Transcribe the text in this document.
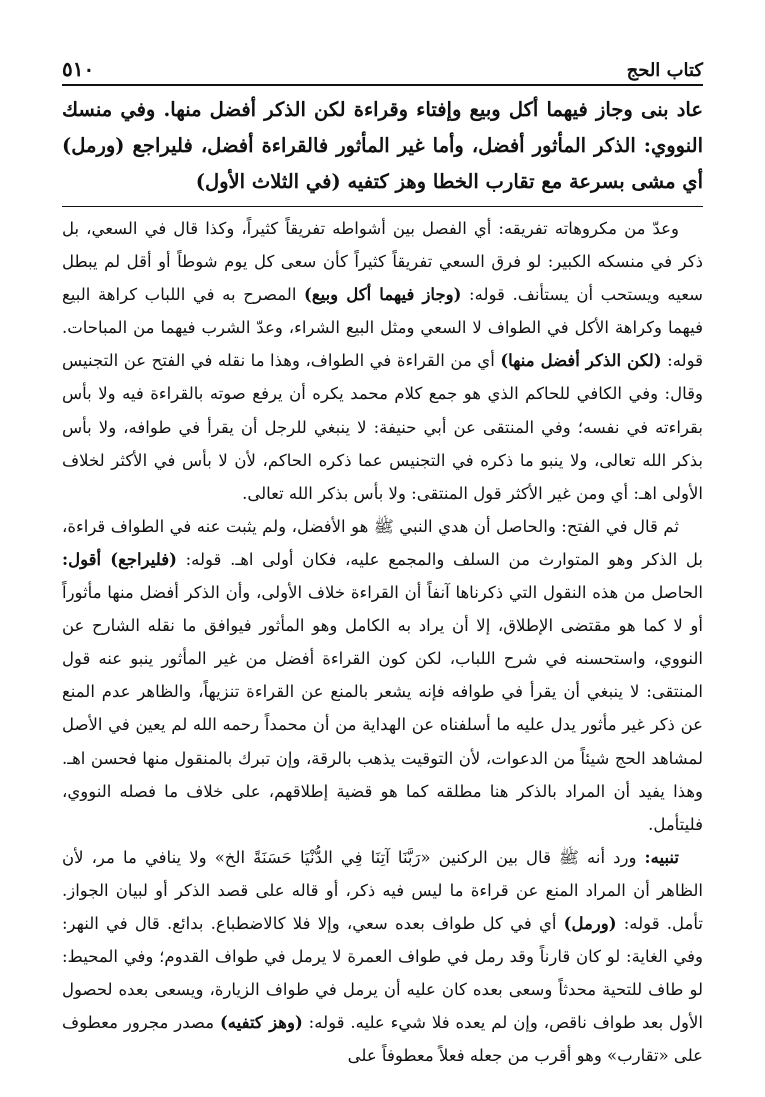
٥١٠	كتاب الحج

عاد بنى وجاز فيهما أكل وبيع وإفتاء وقراءة لكن الذكر أفضل منها. وفي منسك النووي: الذكر المأثور أفضل، وأما غير المأثور فالقراءة أفضل، فليراجع (ورمل) أي مشى بسرعة مع تقارب الخطا وهز كتفيه (في الثلاث الأول)

وعدّ من مكروهاته تفريقه: أي الفصل بين أشواطه تفريقاً كثيراً، وكذا قال في السعي، بل ذكر في منسكه الكبير: لو فرق السعي تفريقاً كثيراً كأن سعى كل يوم شوطاً أو أقل لم يبطل سعيه ويستحب أن يستأنف. قوله: (وجاز فيهما أكل وبيع) المصرح به في اللباب كراهة البيع فيهما وكراهة الأكل في الطواف لا السعي ومثل البيع الشراء، وعدّ الشرب فيهما من المباحات. قوله: (لكن الذكر أفضل منها) أي من القراءة في الطواف، وهذا ما نقله في الفتح عن التجنيس وقال: وفي الكافي للحاكم الذي هو جمع كلام محمد يكره أن يرفع صوته بالقراءة فيه ولا بأس بقراءته في نفسه؛ وفي المنتقى عن أبي حنيفة: لا ينبغي للرجل أن يقرأ في طوافه، ولا بأس بذكر الله تعالى، ولا ينبو ما ذكره في التجنيس عما ذكره الحاكم، لأن لا بأس في الأكثر لخلاف الأولى اهـ: أي ومن غير الأكثر قول المنتقى: ولا بأس بذكر الله تعالى.

ثم قال في الفتح: والحاصل أن هدي النبي ﷺ هو الأفضل، ولم يثبت عنه في الطواف قراءة، بل الذكر وهو المتوارث من السلف والمجمع عليه، فكان أولى اهـ. قوله: (فليراجع) أقول: الحاصل من هذه النقول التي ذكرناها آنفاً أن القراءة خلاف الأولى، وأن الذكر أفضل منها مأثوراً أو لا كما هو مقتضى الإطلاق، إلا أن يراد به الكامل وهو المأثور فيوافق ما نقله الشارح عن النووي، واستحسنه في شرح اللباب، لكن كون القراءة أفضل من غير المأثور ينبو عنه قول المنتقى: لا ينبغي أن يقرأ في طوافه فإنه يشعر بالمنع عن القراءة تنزيهاً، والظاهر عدم المنع عن ذكر غير مأثور يدل عليه ما أسلفناه عن الهداية من أن محمداً رحمه الله لم يعين في الأصل لمشاهد الحج شيئاً من الدعوات، لأن التوقيت يذهب بالرقة، وإن تبرك بالمنقول منها فحسن اهـ. وهذا يفيد أن المراد بالذكر هنا مطلقه كما هو قضية إطلاقهم، على خلاف ما فصله النووي، فليتأمل.

تنبيه: ورد أنه ﷺ قال بين الركنين «رَبَّنَا آتِنَا فِي الدُّنْيَا حَسَنَةً الخ» ولا ينافي ما مر، لأن الظاهر أن المراد المنع عن قراءة ما ليس فيه ذكر، أو قاله على قصد الذكر أو لبيان الجواز. تأمل. قوله: (ورمل) أي في كل طواف بعده سعي، وإلا فلا كالاضطباع. بدائع. قال في النهر: وفي الغاية: لو كان قارناً وقد رمل في طواف العمرة لا يرمل في طواف القدوم؛ وفي المحيط: لو طاف للتحية محدثاً وسعى بعده كان عليه أن يرمل في طواف الزيارة، ويسعى بعده لحصول الأول بعد طواف ناقص، وإن لم يعده فلا شيء عليه. قوله: (وهز كتفيه) مصدر مجرور معطوف على «تقارب» وهو أقرب من جعله فعلاً معطوفاً على
